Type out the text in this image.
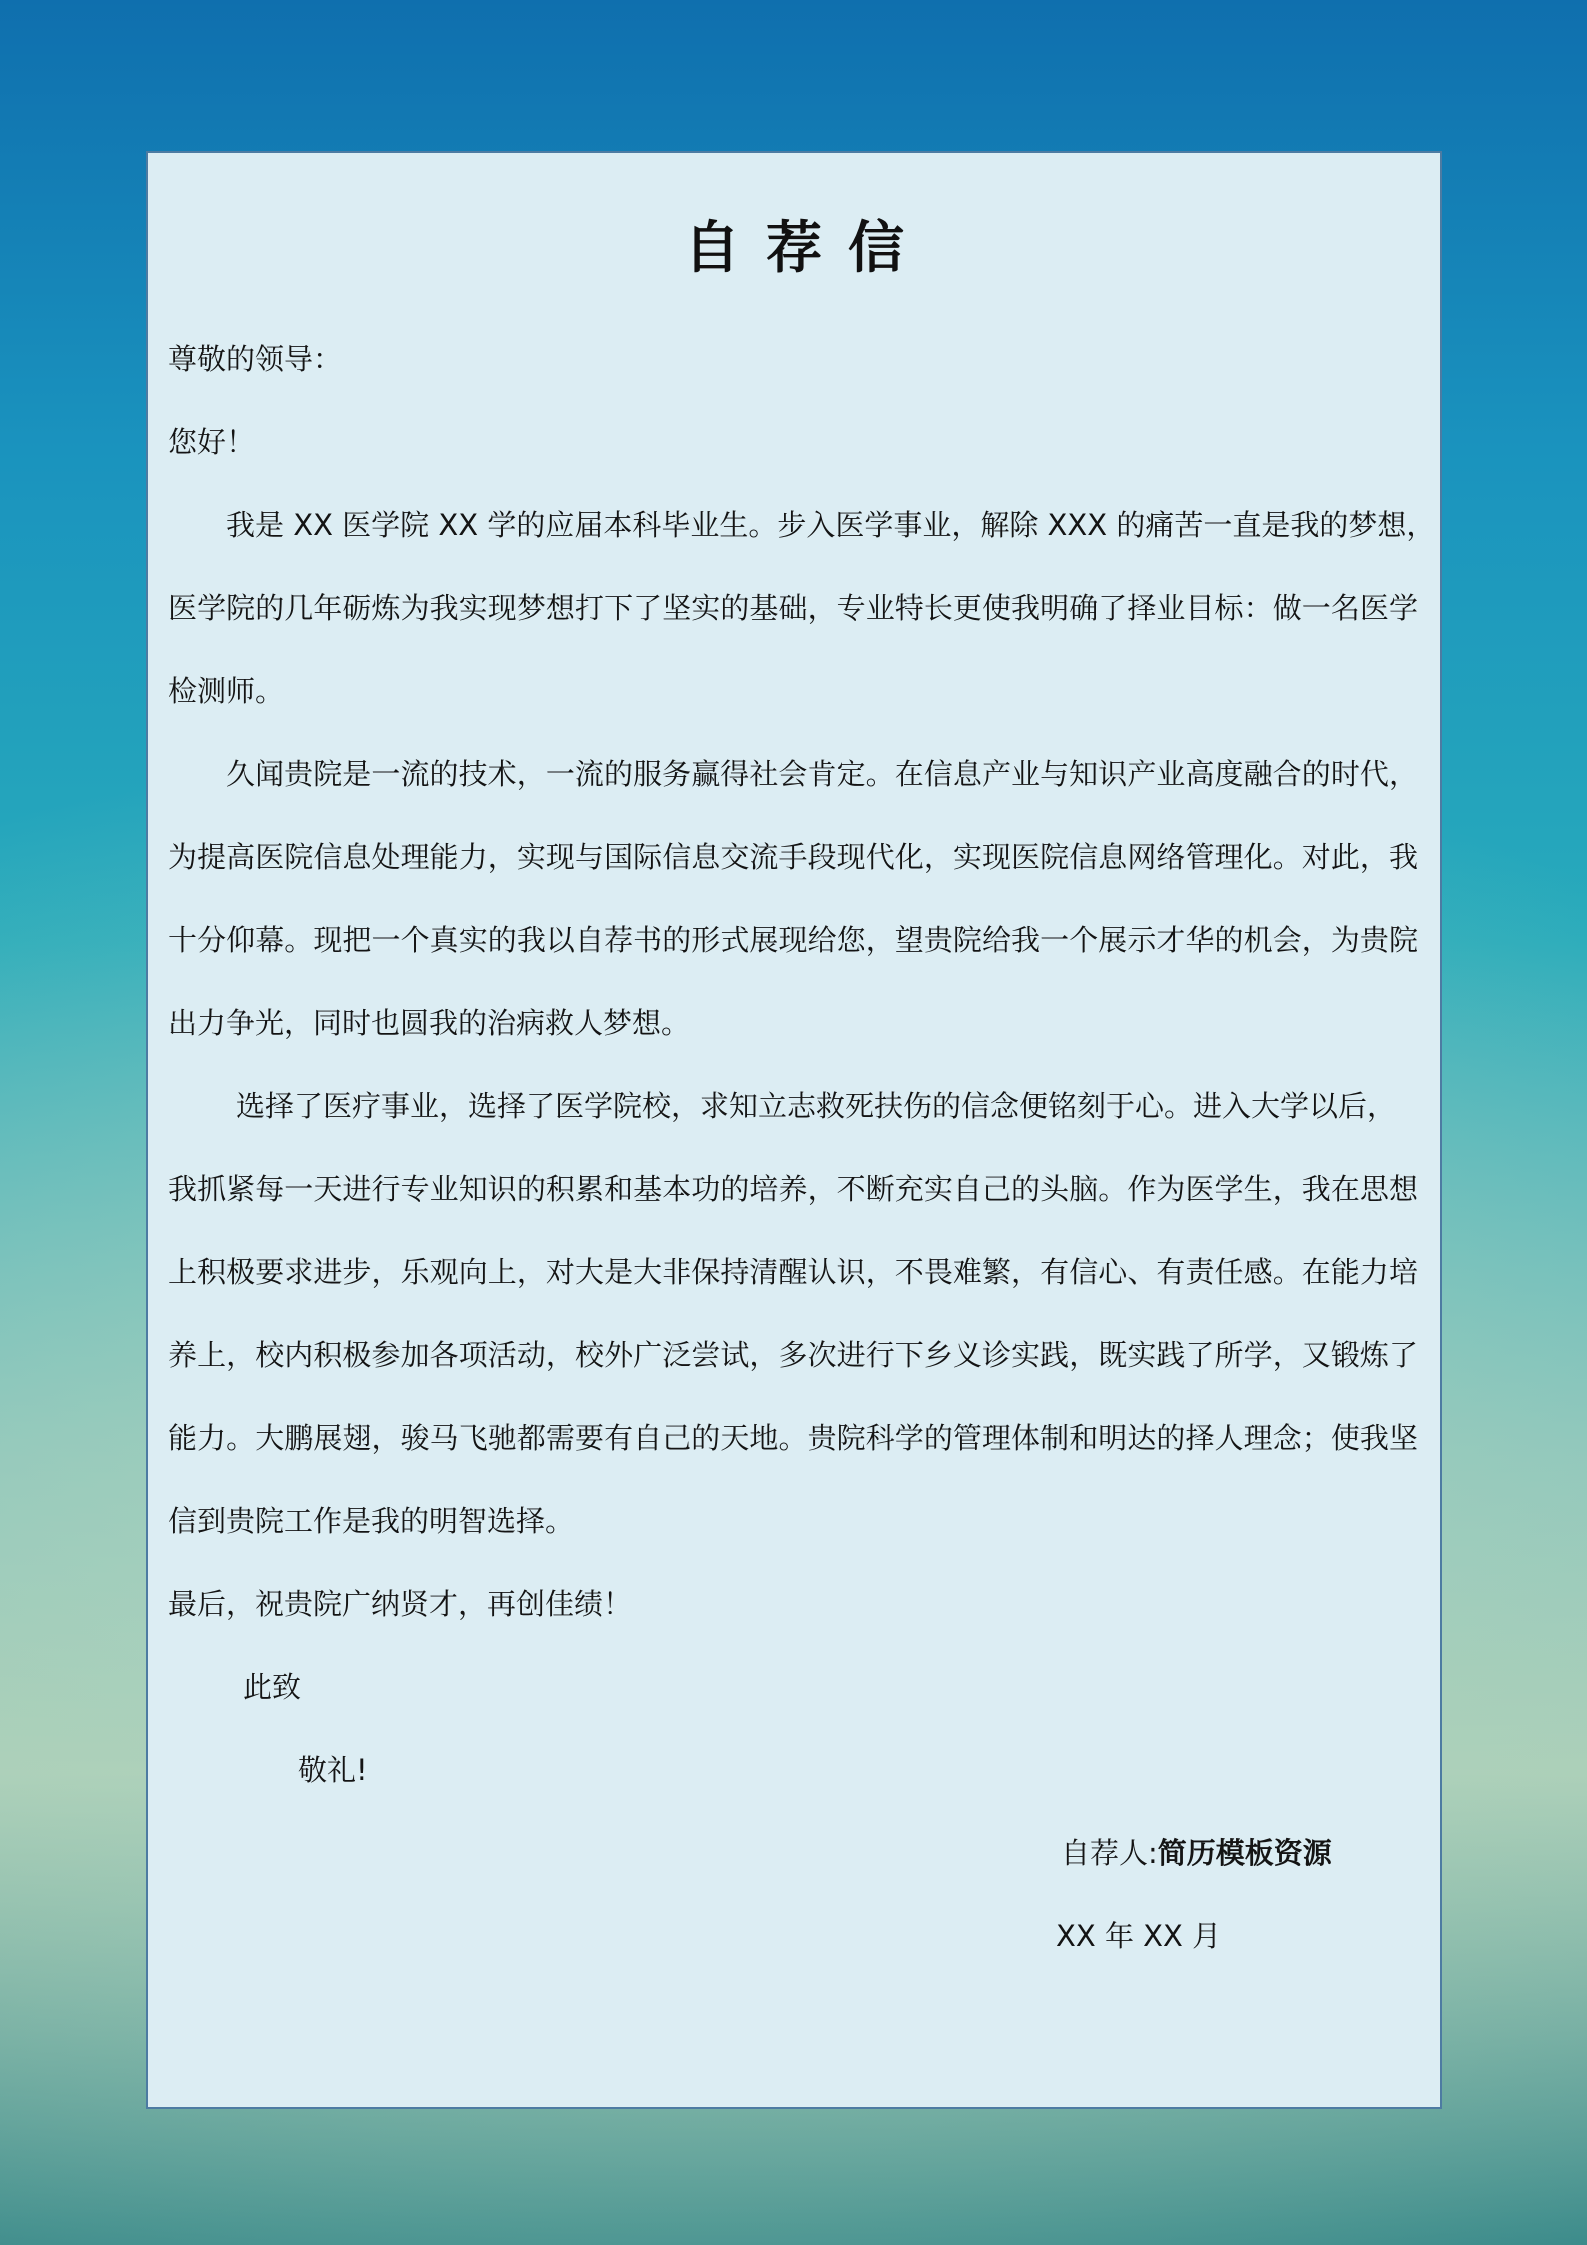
自荐信
尊敬的领导：
您好！
我是 XX 医学院 XX 学的应届本科毕业生。步入医学事业，解除 XXX 的痛苦一直是我的梦想，
医学院的几年砺炼为我实现梦想打下了坚实的基础，专业特长更使我明确了择业目标：做一名医学
检测师。
久闻贵院是一流的技术，一流的服务赢得社会肯定。在信息产业与知识产业高度融合的时代，
为提高医院信息处理能力，实现与国际信息交流手段现代化，实现医院信息网络管理化。对此，我
十分仰幕。现把一个真实的我以自荐书的形式展现给您，望贵院给我一个展示才华的机会，为贵院
出力争光，同时也圆我的治病救人梦想。
选择了医疗事业，选择了医学院校，求知立志救死扶伤的信念便铭刻于心。进入大学以后，
我抓紧每一天进行专业知识的积累和基本功的培养，不断充实自己的头脑。作为医学生，我在思想
上积极要求进步，乐观向上，对大是大非保持清醒认识，不畏难繁，有信心、有责任感。在能力培
养上，校内积极参加各项活动，校外广泛尝试，多次进行下乡义诊实践，既实践了所学，又锻炼了
能力。大鹏展翅，骏马飞驰都需要有自己的天地。贵院科学的管理体制和明达的择人理念；使我坚
信到贵院工作是我的明智选择。
最后，祝贵院广纳贤才，再创佳绩！
此致
敬礼!
自荐人:简历模板资源
XX 年 XX 月
